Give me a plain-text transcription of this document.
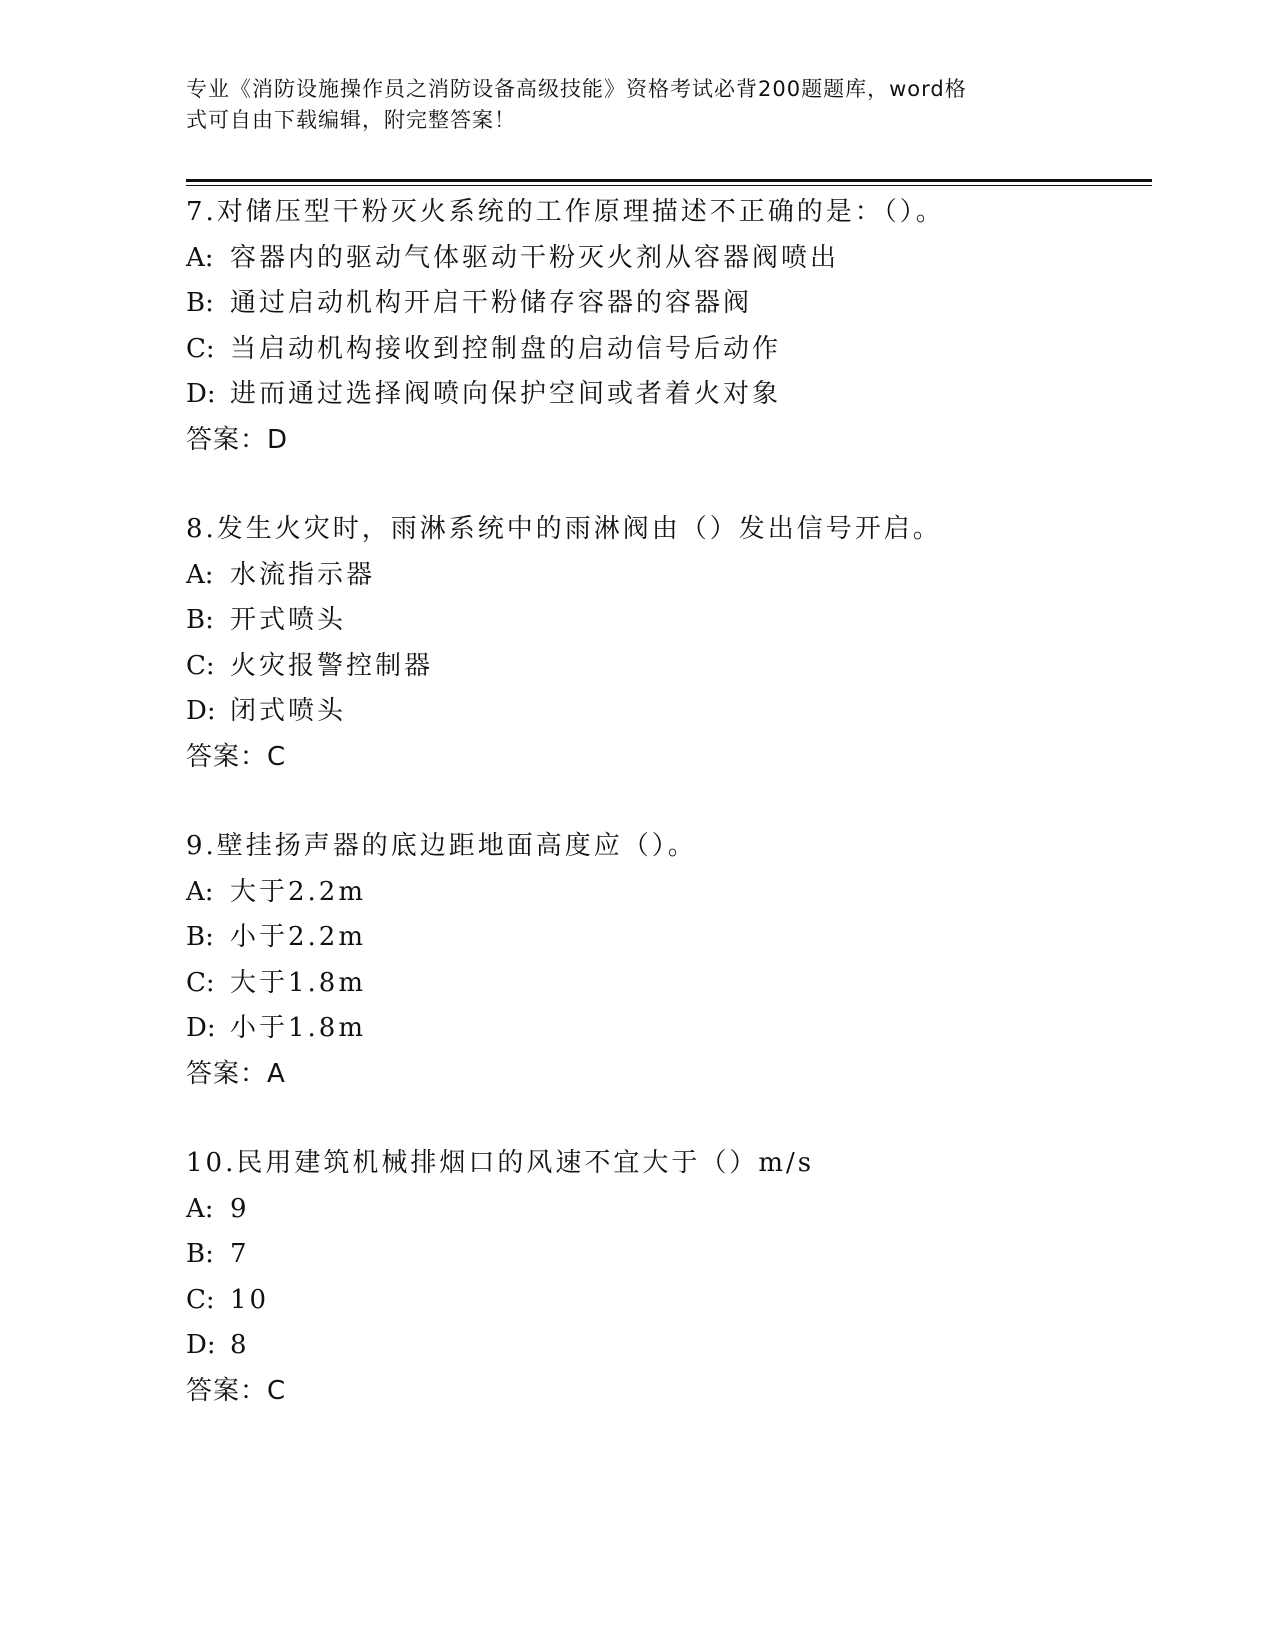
专业《消防设施操作员之消防设备高级技能》资格考试必背200题题库，word格
式可自由下载编辑，附完整答案！
7.对储压型干粉灭火系统的工作原理描述不正确的是：（）。
A: 容器内的驱动气体驱动干粉灭火剂从容器阀喷出
B: 通过启动机构开启干粉储存容器的容器阀
C: 当启动机构接收到控制盘的启动信号后动作
D: 进而通过选择阀喷向保护空间或者着火对象
答案：D
8.发生火灾时，雨淋系统中的雨淋阀由（）发出信号开启。
A: 水流指示器
B: 开式喷头
C: 火灾报警控制器
D: 闭式喷头
答案：C
9.壁挂扬声器的底边距地面高度应（）。
A: 大于2.2m
B: 小于2.2m
C: 大于1.8m
D: 小于1.8m
答案：A
10.民用建筑机械排烟口的风速不宜大于（）m/s
A: 9
B: 7
C: 10
D: 8
答案：C
